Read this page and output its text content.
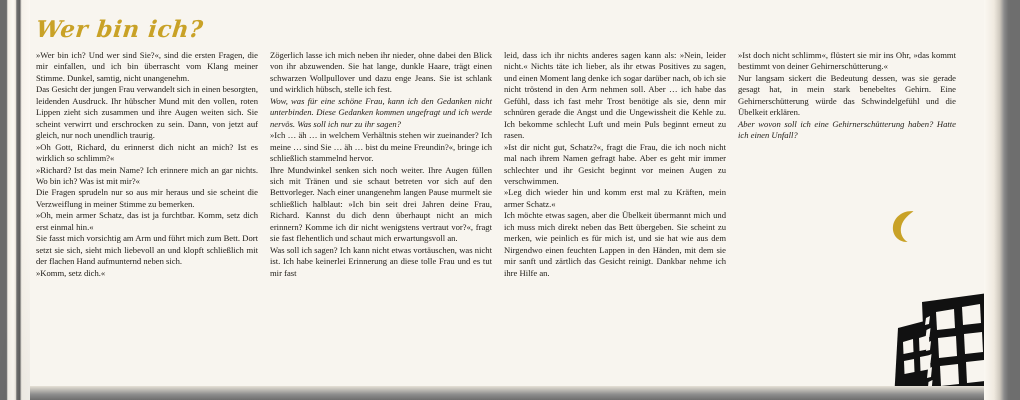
Wer bin ich?

»Wer bin ich? Und wer sind Sie?«, sind die ersten Fragen, die mir einfallen, und ich bin überrascht vom Klang meiner Stimme. Dunkel, samtig, nicht unangenehm.

Das Gesicht der jungen Frau verwandelt sich in einen besorgten, leidenden Ausdruck. Ihr hübscher Mund mit den vollen, roten Lippen zieht sich zusammen und ihre Augen weiten sich. Sie scheint verwirrt und erschrocken zu sein. Dann, von jetzt auf gleich, nur noch unendlich traurig.

»Oh Gott, Richard, du erinnerst dich nicht an mich? Ist es wirklich so schlimm?«

»Richard? Ist das mein Name? Ich erinnere mich an gar nichts. Wo bin ich? Was ist mit mir?«

Die Fragen sprudeln nur so aus mir heraus und sie scheint die Verzweiflung in meiner Stimme zu bemerken.

»Oh, mein armer Schatz, das ist ja furchtbar. Komm, setz dich erst einmal hin.«

Sie fasst mich vorsichtig am Arm und führt mich zum Bett. Dort setzt sie sich, sieht mich liebevoll an und klopft schließlich mit der flachen Hand aufmunternd neben sich.

»Komm, setz dich.«

Zögerlich lasse ich mich neben ihr nieder, ohne dabei den Blick von ihr abzuwenden. Sie hat lange, dunkle Haare, trägt einen schwarzen Wollpullover und dazu enge Jeans. Sie ist schlank und wirklich hübsch, stelle ich fest.

Wow, was für eine schöne Frau, kann ich den Gedanken nicht unterbinden. Diese Gedanken kommen ungefragt und ich werde nervös. Was soll ich nur zu ihr sagen?

»Ich … äh … in welchem Verhältnis stehen wir zueinander? Ich meine … sind Sie … äh … bist du meine Freundin?«, bringe ich schließlich stammelnd hervor.

Ihre Mundwinkel senken sich noch weiter. Ihre Augen füllen sich mit Tränen und sie schaut betreten vor sich auf den Bettvorleger. Nach einer unangenehm langen Pause murmelt sie schließlich halblaut: »Ich bin seit drei Jahren deine Frau, Richard. Kannst du dich denn überhaupt nicht an mich erinnern? Komme ich dir nicht wenigstens vertraut vor?«, fragt sie fast flehentlich und schaut mich erwartungsvoll an.

Was soll ich sagen? Ich kann nicht etwas vortäuschen, was nicht ist. Ich habe keinerlei Erinnerung an diese tolle Frau und es tut mir fast

leid, dass ich ihr nichts anderes sagen kann als: »Nein, leider nicht.« Nichts täte ich lieber, als ihr etwas Positives zu sagen, und einen Moment lang denke ich sogar darüber nach, ob ich sie nicht tröstend in den Arm nehmen soll. Aber … ich habe das Gefühl, dass ich fast mehr Trost benötige als sie, denn mir schnüren gerade die Angst und die Ungewissheit die Kehle zu. Ich bekomme schlecht Luft und mein Puls beginnt erneut zu rasen.

»Ist dir nicht gut, Schatz?«, fragt die Frau, die ich noch nicht mal nach ihrem Namen gefragt habe. Aber es geht mir immer schlechter und ihr Gesicht beginnt vor meinen Augen zu verschwimmen.

»Leg dich wieder hin und komm erst mal zu Kräften, mein armer Schatz.«

Ich möchte etwas sagen, aber die Übelkeit übermannt mich und ich muss mich direkt neben das Bett übergeben. Sie scheint zu merken, wie peinlich es für mich ist, und sie hat wie aus dem Nirgendwo einen feuchten Lappen in den Händen, mit dem sie mir sanft und zärtlich das Gesicht reinigt. Dankbar nehme ich ihre Hilfe an.

»Ist doch nicht schlimm«, flüstert sie mir ins Ohr, »das kommt bestimmt von deiner Gehirnerschütterung.«

Nur langsam sickert die Bedeutung dessen, was sie gerade gesagt hat, in mein stark benebeltes Gehirn. Eine Gehirnerschütterung würde das Schwindelgefühl und die Übelkeit erklären.

Aber wovon soll ich eine Gehirnerschütterung haben? Hatte ich einen Unfall?
